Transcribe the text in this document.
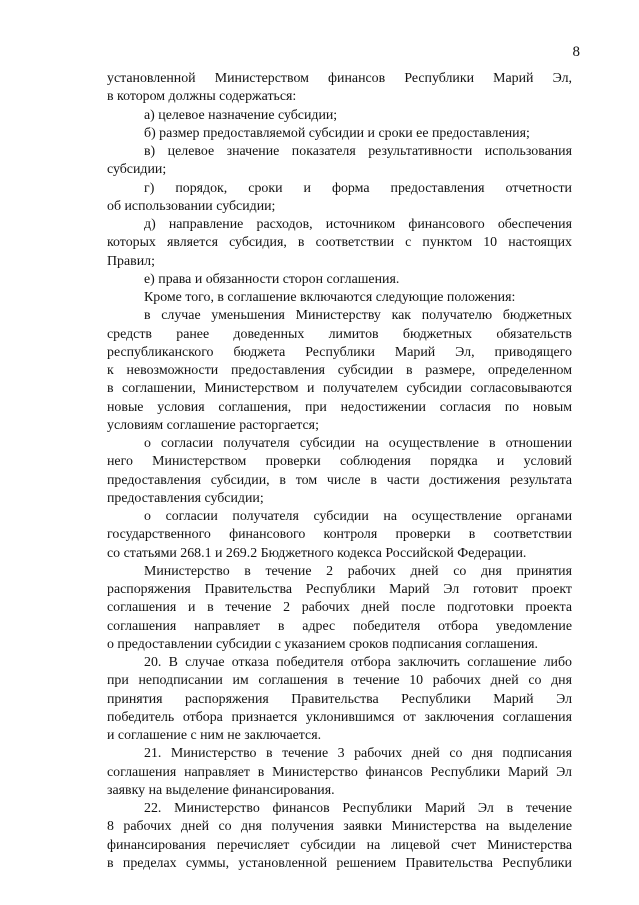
8
установленной Министерством финансов Республики Марий Эл,
в котором должны содержаться:
а) целевое назначение субсидии;
б) размер предоставляемой субсидии и сроки ее предоставления;
в) целевое значение показателя результативности использования
субсидии;
г) порядок, сроки и форма предоставления отчетности
об использовании субсидии;
д) направление расходов, источником финансового обеспечения
которых является субсидия, в соответствии с пунктом 10 настоящих
Правил;
е) права и обязанности сторон соглашения.
Кроме того, в соглашение включаются следующие положения:
в случае уменьшения Министерству как получателю бюджетных
средств ранее доведенных лимитов бюджетных обязательств
республиканского бюджета Республики Марий Эл, приводящего
к невозможности предоставления субсидии в размере, определенном
в соглашении, Министерством и получателем субсидии согласовываются
новые условия соглашения, при недостижении согласия по новым
условиям соглашение расторгается;
о согласии получателя субсидии на осуществление в отношении
него Министерством проверки соблюдения порядка и условий
предоставления субсидии, в том числе в части достижения результата
предоставления субсидии;
о согласии получателя субсидии на осуществление органами
государственного финансового контроля проверки в соответствии
со статьями 268.1 и 269.2 Бюджетного кодекса Российской Федерации.
Министерство в течение 2 рабочих дней со дня принятия
распоряжения Правительства Республики Марий Эл готовит проект
соглашения и в течение 2 рабочих дней после подготовки проекта
соглашения направляет в адрес победителя отбора уведомление
о предоставлении субсидии с указанием сроков подписания соглашения.
20. В случае отказа победителя отбора заключить соглашение либо
при неподписании им соглашения в течение 10 рабочих дней со дня
принятия распоряжения Правительства Республики Марий Эл
победитель отбора признается уклонившимся от заключения соглашения
и соглашение с ним не заключается.
21. Министерство в течение 3 рабочих дней со дня подписания
соглашения направляет в Министерство финансов Республики Марий Эл
заявку на выделение финансирования.
22. Министерство финансов Республики Марий Эл в течение
8 рабочих дней со дня получения заявки Министерства на выделение
финансирования перечисляет субсидии на лицевой счет Министерства
в пределах суммы, установленной решением Правительства Республики
